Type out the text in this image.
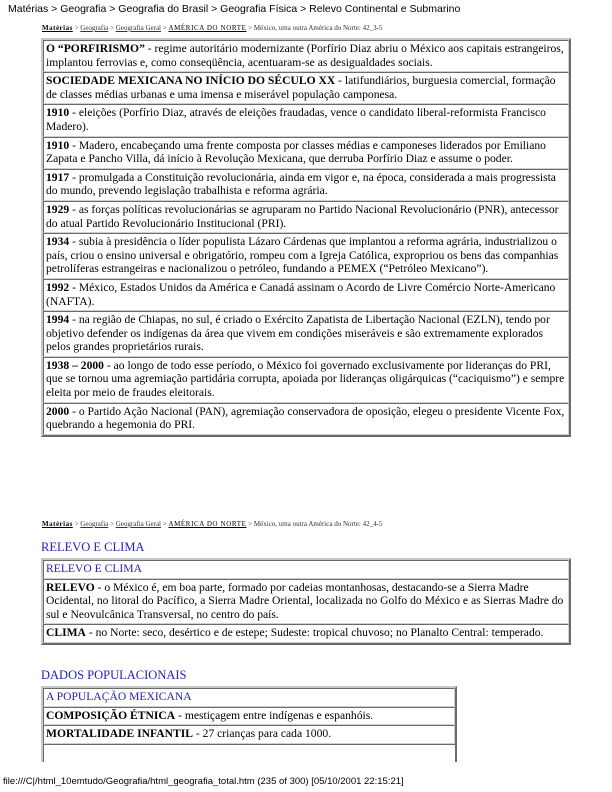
Matérias > Geografia > Geografia do Brasil > Geografia Física > Relevo Continental e Submarino
Matérias > Geografia > Geografia Geral > AMÉRICA DO NORTE > México, uma outra América do Norte: 42_3-5
O “PORFIRISMO” - regime autoritário modernizante (Porfírio Diaz abriu o México aos capitais estrangeiros, implantou ferrovias e, como conseqüência, acentuaram-se as desigualdades sociais.
SOCIEDADE MEXICANA NO INÍCIO DO SÉCULO XX - latifundiários, burguesia comercial, formação de classes médias urbanas e uma imensa e miserável população camponesa.
1910 - eleições (Porfírio Diaz, através de eleições fraudadas, vence o candidato liberal-reformista Francisco Madero).
1910 - Madero, encabeçando uma frente composta por classes médias e camponeses liderados por Emiliano Zapata e Pancho Villa, dá início à Revolução Mexicana, que derruba Porfírio Diaz e assume o poder.
1917 - promulgada a Constituição revolucionária, ainda em vigor e, na época, considerada a mais progressista do mundo, prevendo legislação trabalhista e reforma agrária.
1929 - as forças políticas revolucionárias se agruparam no Partido Nacional Revolucionário (PNR), antecessor do atual Partido Revolucionário Institucional (PRI).
1934 - subia à presidência o líder populista Lázaro Cárdenas que implantou a reforma agrária, industrializou o país, criou o ensino universal e obrigatório, rompeu com a Igreja Católica, expropriou os bens das companhias petrolíferas estrangeiras e nacionalizou o petróleo, fundando a PEMEX (“Petróleo Mexicano”).
1992 - México, Estados Unidos da América e Canadá assinam o Acordo de Livre Comércio Norte-Americano (NAFTA).
1994 - na região de Chiapas, no sul, é criado o Exército Zapatista de Libertação Nacional (EZLN), tendo por objetivo defender os indígenas da área que vivem em condições miseráveis e são extremamente explorados pelos grandes proprietários rurais.
1938 – 2000 - ao longo de todo esse período, o México foi governado exclusivamente por lideranças do PRI, que se tornou uma agremiação partidária corrupta, apoiada por lideranças oligárquicas (“caciquismo”) e sempre eleita por meio de fraudes eleitorais.
2000 - o Partido Ação Nacional (PAN), agremiação conservadora de oposição, elegeu o presidente Vicente Fox, quebrando a hegemonia do PRI.
Matérias > Geografia > Geografia Geral > AMÉRICA DO NORTE > México, uma outra América do Norte: 42_4-5
RELEVO E CLIMA
RELEVO E CLIMA
RELEVO - o México é, em boa parte, formado por cadeias montanhosas, destacando-se a Sierra Madre Ocidental, no litoral do Pacífico, a Sierra Madre Oriental, localizada no Golfo do México e as Sierras Madre do sul e Neovulcânica Transversal, no centro do país.
CLIMA - no Norte: seco, desértico e de estepe; Sudeste: tropical chuvoso; no Planalto Central: temperado.
DADOS POPULACIONAIS
A POPULAÇÃO MEXICANA
COMPOSIÇÃO ÉTNICA - mestiçagem entre indígenas e espanhóis.
MORTALIDADE INFANTIL - 27 crianças para cada 1000.

file:///C|/html_10emtudo/Geografia/html_geografia_total.htm (235 of 300) [05/10/2001 22:15:21]
